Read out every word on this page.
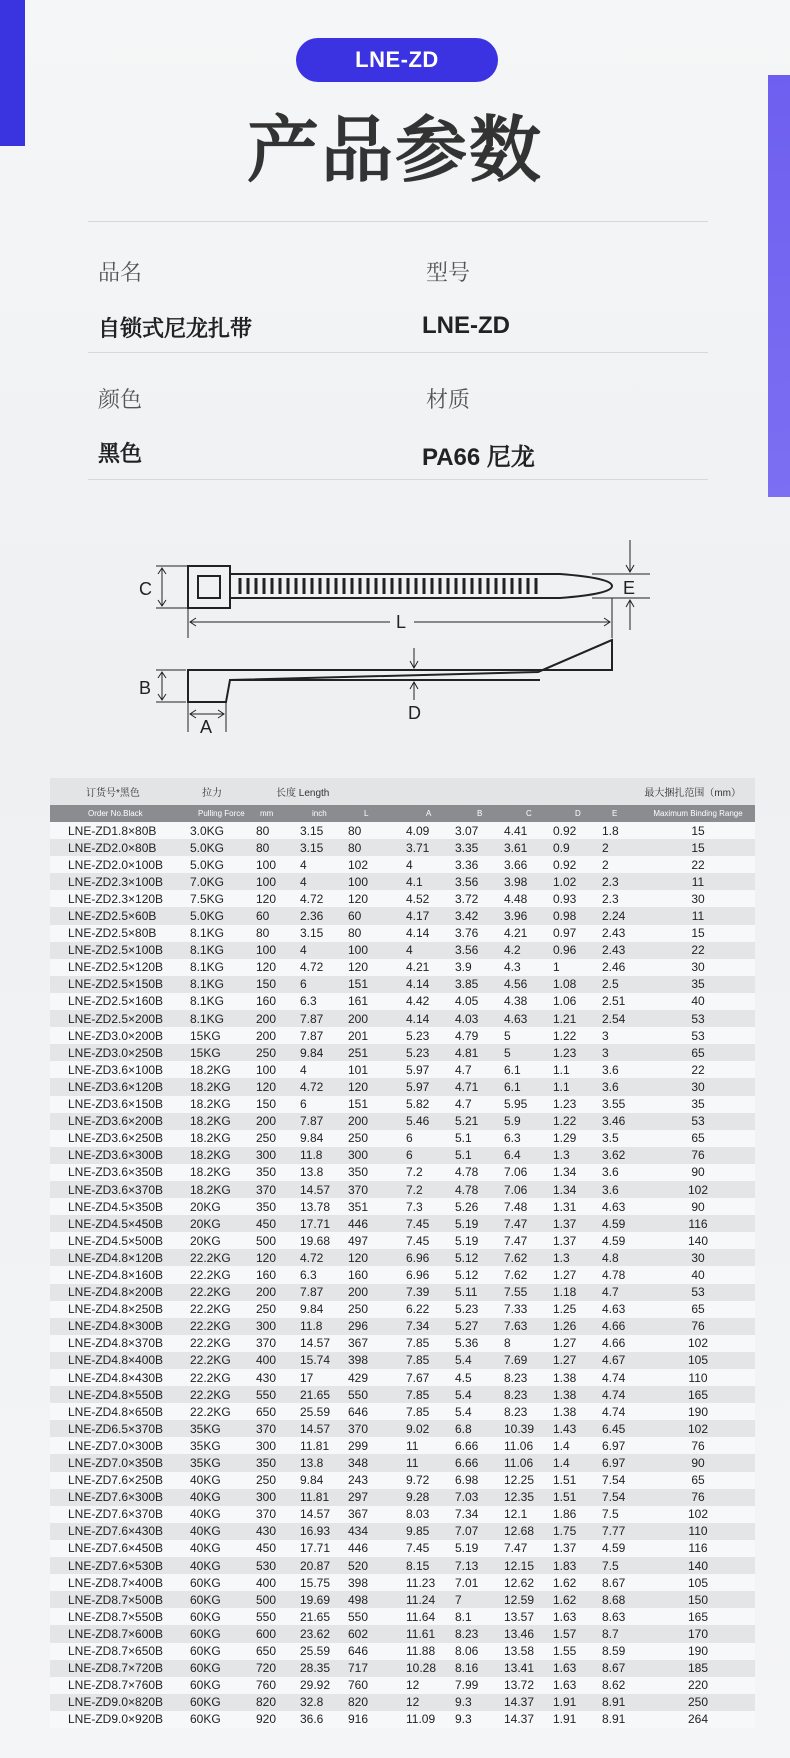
LNE-ZD
产品参数
品名	型号
自锁式尼龙扎带	LNE-ZD
颜色	材质
黑色	PA66 尼龙
C	E
L
B
A
D
订货号*黑色	拉力	长度 Length								最大捆扎范围（mm）
Order No.Black	Pulling Force	mm	inch	L	A	B	C	D	E	Maximum Binding Range
LNE-ZD1.8×80B	3.0KG	80	3.15	80	4.09	3.07	4.41	0.92	1.8	15
LNE-ZD2.0×80B	5.0KG	80	3.15	80	3.71	3.35	3.61	0.9	2	15
LNE-ZD2.0×100B	5.0KG	100	4	102	4	3.36	3.66	0.92	2	22
LNE-ZD2.3×100B	7.0KG	100	4	100	4.1	3.56	3.98	1.02	2.3	11
LNE-ZD2.3×120B	7.5KG	120	4.72	120	4.52	3.72	4.48	0.93	2.3	30
LNE-ZD2.5×60B	5.0KG	60	2.36	60	4.17	3.42	3.96	0.98	2.24	11
LNE-ZD2.5×80B	8.1KG	80	3.15	80	4.14	3.76	4.21	0.97	2.43	15
LNE-ZD2.5×100B	8.1KG	100	4	100	4	3.56	4.2	0.96	2.43	22
LNE-ZD2.5×120B	8.1KG	120	4.72	120	4.21	3.9	4.3	1	2.46	30
LNE-ZD2.5×150B	8.1KG	150	6	151	4.14	3.85	4.56	1.08	2.5	35
LNE-ZD2.5×160B	8.1KG	160	6.3	161	4.42	4.05	4.38	1.06	2.51	40
LNE-ZD2.5×200B	8.1KG	200	7.87	200	4.14	4.03	4.63	1.21	2.54	53
LNE-ZD3.0×200B	15KG	200	7.87	201	5.23	4.79	5	1.22	3	53
LNE-ZD3.0×250B	15KG	250	9.84	251	5.23	4.81	5	1.23	3	65
LNE-ZD3.6×100B	18.2KG	100	4	101	5.97	4.7	6.1	1.1	3.6	22
LNE-ZD3.6×120B	18.2KG	120	4.72	120	5.97	4.71	6.1	1.1	3.6	30
LNE-ZD3.6×150B	18.2KG	150	6	151	5.82	4.7	5.95	1.23	3.55	35
LNE-ZD3.6×200B	18.2KG	200	7.87	200	5.46	5.21	5.9	1.22	3.46	53
LNE-ZD3.6×250B	18.2KG	250	9.84	250	6	5.1	6.3	1.29	3.5	65
LNE-ZD3.6×300B	18.2KG	300	11.8	300	6	5.1	6.4	1.3	3.62	76
LNE-ZD3.6×350B	18.2KG	350	13.8	350	7.2	4.78	7.06	1.34	3.6	90
LNE-ZD3.6×370B	18.2KG	370	14.57	370	7.2	4.78	7.06	1.34	3.6	102
LNE-ZD4.5×350B	20KG	350	13.78	351	7.3	5.26	7.48	1.31	4.63	90
LNE-ZD4.5×450B	20KG	450	17.71	446	7.45	5.19	7.47	1.37	4.59	116
LNE-ZD4.5×500B	20KG	500	19.68	497	7.45	5.19	7.47	1.37	4.59	140
LNE-ZD4.8×120B	22.2KG	120	4.72	120	6.96	5.12	7.62	1.3	4.8	30
LNE-ZD4.8×160B	22.2KG	160	6.3	160	6.96	5.12	7.62	1.27	4.78	40
LNE-ZD4.8×200B	22.2KG	200	7.87	200	7.39	5.11	7.55	1.18	4.7	53
LNE-ZD4.8×250B	22.2KG	250	9.84	250	6.22	5.23	7.33	1.25	4.63	65
LNE-ZD4.8×300B	22.2KG	300	11.8	296	7.34	5.27	7.63	1.26	4.66	76
LNE-ZD4.8×370B	22.2KG	370	14.57	367	7.85	5.36	8	1.27	4.66	102
LNE-ZD4.8×400B	22.2KG	400	15.74	398	7.85	5.4	7.69	1.27	4.67	105
LNE-ZD4.8×430B	22.2KG	430	17	429	7.67	4.5	8.23	1.38	4.74	110
LNE-ZD4.8×550B	22.2KG	550	21.65	550	7.85	5.4	8.23	1.38	4.74	165
LNE-ZD4.8×650B	22.2KG	650	25.59	646	7.85	5.4	8.23	1.38	4.74	190
LNE-ZD6.5×370B	35KG	370	14.57	370	9.02	6.8	10.39	1.43	6.45	102
LNE-ZD7.0×300B	35KG	300	11.81	299	11	6.66	11.06	1.4	6.97	76
LNE-ZD7.0×350B	35KG	350	13.8	348	11	6.66	11.06	1.4	6.97	90
LNE-ZD7.6×250B	40KG	250	9.84	243	9.72	6.98	12.25	1.51	7.54	65
LNE-ZD7.6×300B	40KG	300	11.81	297	9.28	7.03	12.35	1.51	7.54	76
LNE-ZD7.6×370B	40KG	370	14.57	367	8.03	7.34	12.1	1.86	7.5	102
LNE-ZD7.6×430B	40KG	430	16.93	434	9.85	7.07	12.68	1.75	7.77	110
LNE-ZD7.6×450B	40KG	450	17.71	446	7.45	5.19	7.47	1.37	4.59	116
LNE-ZD7.6×530B	40KG	530	20.87	520	8.15	7.13	12.15	1.83	7.5	140
LNE-ZD8.7×400B	60KG	400	15.75	398	11.23	7.01	12.62	1.62	8.67	105
LNE-ZD8.7×500B	60KG	500	19.69	498	11.24	7	12.59	1.62	8.68	150
LNE-ZD8.7×550B	60KG	550	21.65	550	11.64	8.1	13.57	1.63	8.63	165
LNE-ZD8.7×600B	60KG	600	23.62	602	11.61	8.23	13.46	1.57	8.7	170
LNE-ZD8.7×650B	60KG	650	25.59	646	11.88	8.06	13.58	1.55	8.59	190
LNE-ZD8.7×720B	60KG	720	28.35	717	10.28	8.16	13.41	1.63	8.67	185
LNE-ZD8.7×760B	60KG	760	29.92	760	12	7.99	13.72	1.63	8.62	220
LNE-ZD9.0×820B	60KG	820	32.8	820	12	9.3	14.37	1.91	8.91	250
LNE-ZD9.0×920B	60KG	920	36.6	916	11.09	9.3	14.37	1.91	8.91	264
